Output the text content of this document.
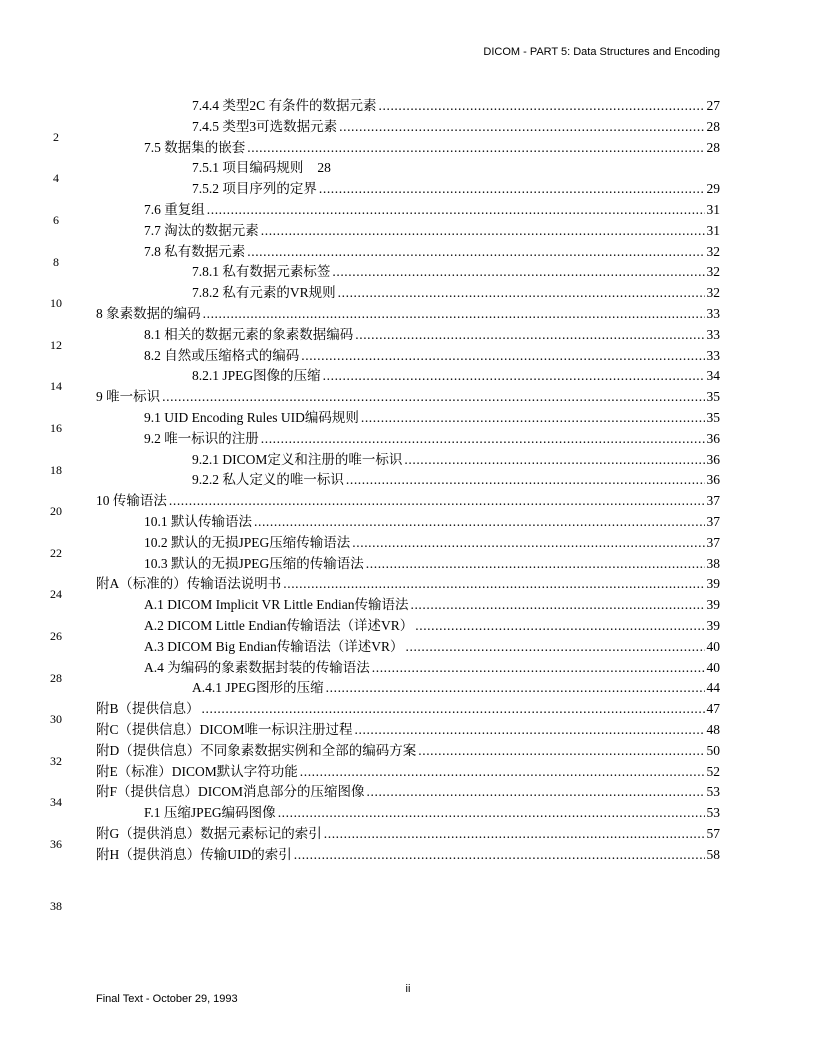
DICOM - PART 5: Data Structures and Encoding
7.4.4 类型2C 有条件的数据元素 .....	27
2
7.4.5 类型3可选数据元素 .....	28
7.5 数据集的嵌套 .....	28
4
7.5.1 项目编码规则 28
7.5.2 项目序列的定界 .....	29
6
7.6 重复组 .....	31
7.7 淘汰的数据元素 .....	31
8
7.8 私有数据元素 .....	32
7.8.1 私有数据元素标签 .....	32
10
7.8.2 私有元素的VR规则 .....	32
8 象素数据的编码 .....	33
12
8.1 相关的数据元素的象素数据编码 .....	33
8.2 自然或压缩格式的编码 .....	33
14
8.2.1 JPEG图像的压缩 .....	34
9 唯一标识 .....	35
16
9.1 UID Encoding Rules UID编码规则 .....	35
9.2 唯一标识的注册 .....	36
18
9.2.1 DICOM定义和注册的唯一标识 .....	36
9.2.2 私人定义的唯一标识 .....	36
20
10 传输语法 .....	37
10.1 默认传输语法 .....	37
22
10.2 默认的无损JPEG压缩传输语法 .....	37
10.3 默认的无损JPEG压缩的传输语法 .....	38
24
附A（标准的）传输语法说明书 .....	39
A.1 DICOM Implicit VR Little Endian传输语法 .....	39
26
A.2 DICOM Little Endian传输语法（详述VR） .....	39
A.3 DICOM Big Endian传输语法（详述VR） .....	40
28
A.4 为编码的象素数据封装的传输语法 .....	40
A.4.1 JPEG图形的压缩 .....	44
30
附B（提供信息） .....	47
附C（提供信息）DICOM唯一标识注册过程 .....	48
32
附D（提供信息）不同象素数据实例和全部的编码方案 .....	50
附E（标准）DICOM默认字符功能 .....	52
34
附F（提供信息）DICOM消息部分的压缩图像 .....	53
F.1 压缩JPEG编码图像 .....	53
36
附G（提供消息）数据元素标记的索引 .....	57
附H（提供消息）传输UID的索引 .....	58
38
ii
Final Text - October 29, 1993
